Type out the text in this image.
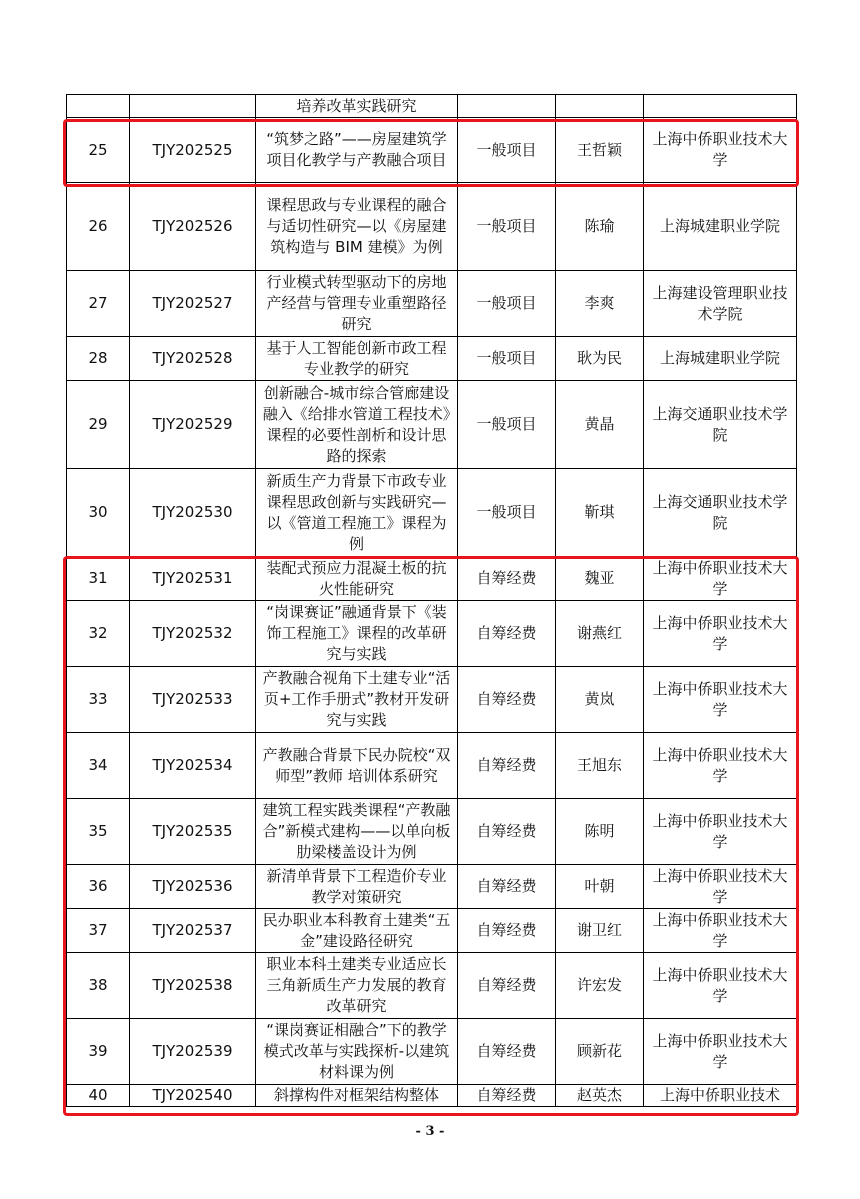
		培养改革实践研究			
25	TJY202525	“筑梦之路”——房屋建筑学项目化教学与产教融合项目	一般项目	王哲颖	上海中侨职业技术大学
26	TJY202526	课程思政与专业课程的融合与适切性研究—以《房屋建筑构造与 BIM 建模》为例	一般项目	陈瑜	上海城建职业学院
27	TJY202527	行业模式转型驱动下的房地产经营与管理专业重塑路径研究	一般项目	李爽	上海建设管理职业技术学院
28	TJY202528	基于人工智能创新市政工程专业教学的研究	一般项目	耿为民	上海城建职业学院
29	TJY202529	创新融合-城市综合管廊建设融入《给排水管道工程技术》课程的必要性剖析和设计思路的探索	一般项目	黄晶	上海交通职业技术学院
30	TJY202530	新质生产力背景下市政专业课程思政创新与实践研究—以《管道工程施工》课程为例	一般项目	靳琪	上海交通职业技术学院
31	TJY202531	装配式预应力混凝土板的抗火性能研究	自筹经费	魏亚	上海中侨职业技术大学
32	TJY202532	“岗课赛证”融通背景下《装饰工程施工》课程的改革研究与实践	自筹经费	谢燕红	上海中侨职业技术大学
33	TJY202533	产教融合视角下土建专业“活页+工作手册式”教材开发研究与实践	自筹经费	黄岚	上海中侨职业技术大学
34	TJY202534	产教融合背景下民办院校“双师型”教师 培训体系研究	自筹经费	王旭东	上海中侨职业技术大学
35	TJY202535	建筑工程实践类课程“产教融合”新模式建构——以单向板肋梁楼盖设计为例	自筹经费	陈明	上海中侨职业技术大学
36	TJY202536	新清单背景下工程造价专业教学对策研究	自筹经费	叶朝	上海中侨职业技术大学
37	TJY202537	民办职业本科教育土建类“五金”建设路径研究	自筹经费	谢卫红	上海中侨职业技术大学
38	TJY202538	职业本科土建类专业适应长三角新质生产力发展的教育改革研究	自筹经费	许宏发	上海中侨职业技术大学
39	TJY202539	“课岗赛证相融合”下的教学模式改革与实践探析-以建筑材料课为例	自筹经费	顾新花	上海中侨职业技术大学
40	TJY202540	斜撑构件对框架结构整体	自筹经费	赵英杰	上海中侨职业技术
- 3 -
